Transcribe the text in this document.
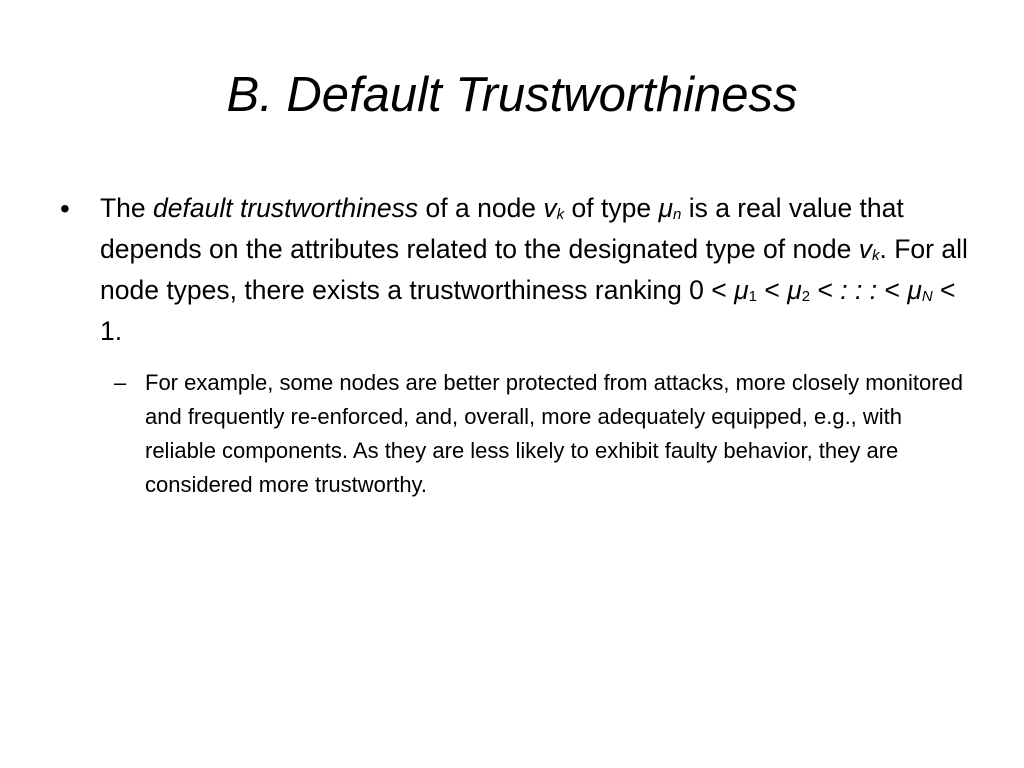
B. Default Trustworthiness
•	The default trustworthiness of a node $v_k$ of type $\mu_n$ is a real value that depends on the attributes related to the designated type of node $v_k$. For all node types, there exists a trustworthiness ranking $0 < \mu_1 < \mu_2$ < : : : < $\mu_N < 1$.
– For example, some nodes are better protected from attacks, more closely monitored and frequently re-enforced, and, overall, more adequately equipped, e.g., with reliable components. As they are less likely to exhibit faulty behavior, they are considered more trustworthy.
